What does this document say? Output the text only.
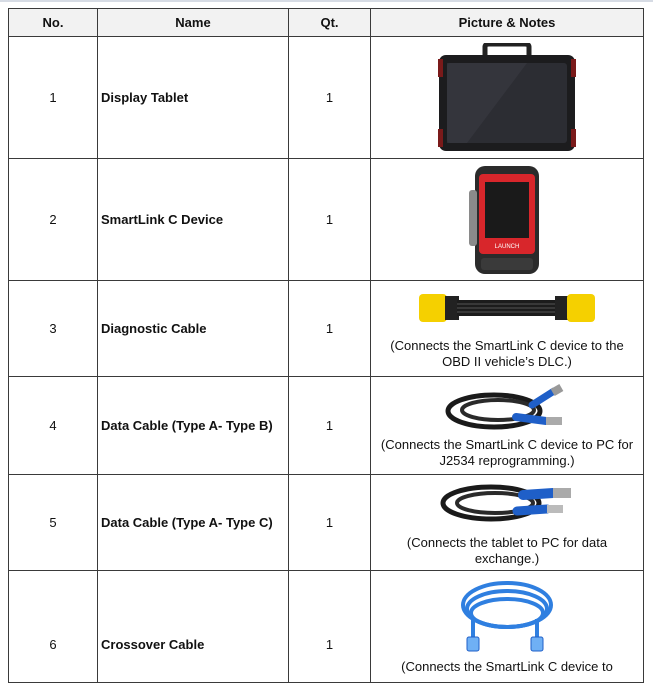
No.	Name	Qt.	Picture & Notes
1	Display Tablet	1	

2	SmartLink C Device	1	LAUNCH

3	Diagnostic Cable	1	(Connects the SmartLink C device to the
OBD II vehicle’s DLC.)

4	Data Cable (Type A- Type B)	1	(Connects the SmartLink C device to PC for
J2534 reprogramming.)

5	Data Cable (Type A- Type C)	1	(Connects the tablet to PC for data
exchange.)

6	Crossover Cable	1	(Connects the SmartLink C device to
